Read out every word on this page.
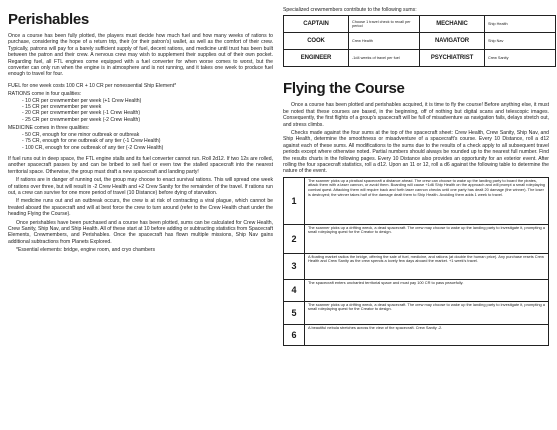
Perishables

Once a course has been fully plotted, the players must decide how much fuel and how many weeks of rations to purchase, considering the hope of a return trip, their (or their patron's) wallet, as well as the comfort of their crew. Typically, patrons will pay for a barely sufficient supply of fuel, decent rations, and medicine until trust has been built between the patron and their crew. A nervous crew may wish to supplement their supplies out of their own pocket. Regarding fuel, all FTL engines come equipped with a fuel converter for when worse comes to worst, but the converter can only run when the engine is in atmosphere and is not running, and it takes one week to produce fuel enough to travel for four.

FUEL for one week costs 100 CR + 10 CR per nonessential Ship Element*

RATIONS come in four qualities:
- 10 CR per crewmember per week (+1 Crew Health)
- 15 CR per crewmember per week
- 20 CR per crewmember per week (-1 Crew Health)
- 25 CR per crewmember per week (-2 Crew Health)
MEDICINE comes in three qualities:
- 50 CR, enough for one minor outbreak or outbreak
- 75 CR, enough for one outbreak of any tier (-1 Crew Health)
- 100 CR, enough for one outbreak of any tier (-2 Crew Health)

If fuel runs out in deep space, the FTL engine stalls and its fuel converter cannot run. Roll 2d12. If two 12s are rolled, another spacecraft passes by and can be bribed to sell fuel or even tow the stalled spacecraft into the nearest territorial space. Otherwise, the group must draft a new spacecraft and landing party!

If rations are in danger of running out, the group may choose to enact survival rations. This will spread one week of rations over three, but will result in -2 Crew Health and +2 Crew Sanity for the remainder of the travel. If rations run out, a crew can survive for one more period of travel (10 Distance) before dying of starvation.

If medicine runs out and an outbreak occurs, the crew is at risk of contracting a viral plague, which cannot be treated aboard the spacecraft and will at best force the crew to turn around (refer to the Crew Health chart under the heading Flying the Course).

Once perishables have been purchased and a course has been plotted, sums can be calculated for Crew Health, Crew Sanity, Ship Nav, and Ship Health. All of these start at 10 before adding or subtracting statistics from Spacecraft Elements, Crewmembers, and Perishables. Once the spacecraft has flown multiple missions, Ship Nav gains additional subtractions from Planets Explored.

*Essential elements: bridge, engine room, and cryo chambers

Specialized crewmembers contribute to the following sums:
CAPTAIN	Choose 1 travel check to recall per period	MECHANIC	Ship Health
COOK	Crew Health	NAVIGATOR	Ship Nav
ENGINEER	-1d4 weeks of travel per fuel	PSYCHIATRIST	Crew Sanity
Flying the Course

Once a course has been plotted and perishables acquired, it is time to fly the course! Before anything else, it must be noted that these courses are based, in the beginning, off of nothing but digital scans and telescopic images. Consequently, the first flights of a group's spacecraft will be full of misadventure as navigation fails, delays stretch out, and stress climbs.

Checks made against the four sums at the top of the spacecraft sheet: Crew Health, Crew Sanity, Ship Nav, and Ship Health, determine the smoothness or misadventure of a spacecraft's course. Every 10 Distance, roll a d12 against each of these sums. All modifications to the sums due to the results of a check apply to all subsequent travel periods except where otherwise noted. Partial numbers should always be rounded up to the nearest full number. Find the results charts in the following pages. Every 10 Distance also provides an opportunity for an exterior event. After rolling the four spacecraft statistics, roll a d12. Upon an 11 or 12, roll a d6 against the following table to determine the nature of the event.

1	The scanner picks up a piratical spacecraft a distance ahead. The crew can choose to wake up the landing party to board the pirates, attack them with a laser cannon, or avoid them. Boarding will cause +1d6 Ship Health on the approach and will prompt a small roleplaying combat quest. Attacking them will require back and forth laser cannon checks until one party has dealt 20 damage (the winner). The loser is destroyed; the winner takes half of the damage dealt them to Ship Health. Avoiding them adds 1 week to travel.
2	The scanner picks up a drifting wreck, a dead spacecraft. The crew may choose to wake up the landing party to investigate it, prompting a small roleplaying quest for the Creator to design.
3	A floating market radios the bridge, offering the sale of fuel, medicine, and rations (at double the human price). Any purchase resets Crew Health and Crew Sanity as the crew spends a lovely few days aboard the market. +1 week's travel.
4	The spacecraft enters uncharted territorial space and must pay 100 CR to pass peacefully.
5	The scanner picks up a drifting wreck, a dead spacecraft. The crew may choose to wake up the landing party to investigate it, prompting a small roleplaying quest for the Creator to design.
6	A beautiful nebula stretches across the view of the spacecraft. Crew Sanity -2.
